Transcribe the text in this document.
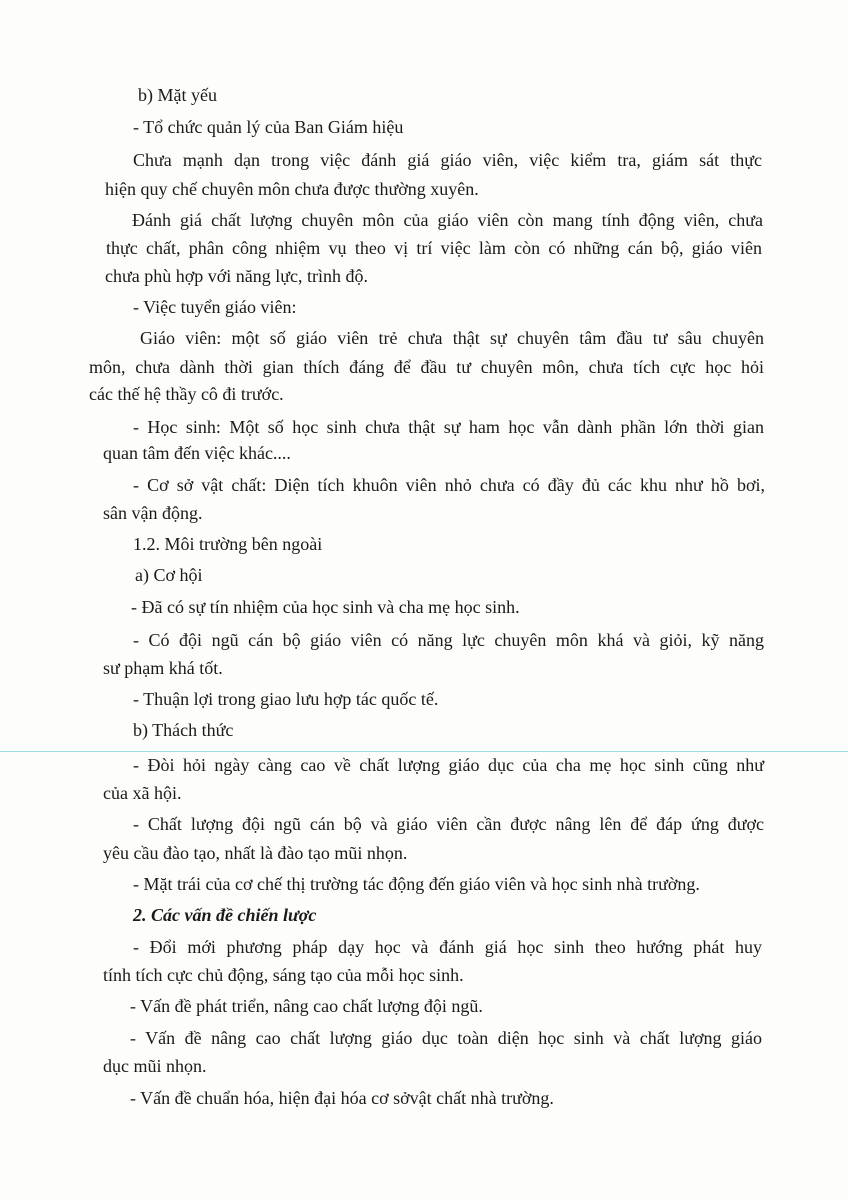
b) Mặt yếu
- Tổ chức quản lý của Ban Giám hiệu
Chưa mạnh dạn trong việc đánh giá giáo viên, việc kiểm tra, giám sát thực
hiện quy chế chuyên môn chưa được thường xuyên.
Đánh giá chất lượng chuyên môn của giáo viên còn mang tính động viên, chưa
thực chất, phân công nhiệm vụ theo vị trí việc làm còn có những cán bộ, giáo viên
chưa phù hợp với năng lực, trình độ.
- Việc tuyển giáo viên:
Giáo viên: một số giáo viên trẻ chưa thật sự chuyên tâm đầu tư sâu chuyên
môn, chưa dành thời gian thích đáng để đầu tư chuyên môn, chưa tích cực học hỏi
các thế hệ thầy cô đi trước.
- Học sinh: Một số học sinh chưa thật sự ham học vẫn dành phần lớn thời gian
quan tâm đến việc khác....
- Cơ sở vật chất: Diện tích khuôn viên nhỏ chưa có đầy đủ các khu như hồ bơi,
sân vận động.
1.2. Môi trường bên ngoài
a) Cơ hội
- Đã có sự tín nhiệm của học sinh và cha mẹ học sinh.
- Có đội ngũ cán bộ giáo viên có năng lực chuyên môn khá và giỏi, kỹ năng
sư phạm khá tốt.
- Thuận lợi trong giao lưu hợp tác quốc tế.
b) Thách thức
- Đòi hỏi ngày càng cao về chất lượng giáo dục của cha mẹ học sinh cũng như
của xã hội.
- Chất lượng đội ngũ cán bộ và giáo viên cần được nâng lên để đáp ứng được
yêu cầu đào tạo, nhất là đào tạo mũi nhọn.
- Mặt trái của cơ chế thị trường tác động đến giáo viên và học sinh nhà trường.
2. Các vấn đề chiến lược
- Đổi mới phương pháp dạy học và đánh giá học sinh theo hướng phát huy
tính tích cực chủ động, sáng tạo của mỗi học sinh.
- Vấn đề phát triển, nâng cao chất lượng đội ngũ.
- Vấn đề nâng cao chất lượng giáo dục toàn diện học sinh và chất lượng giáo
dục mũi nhọn.
- Vấn đề chuẩn hóa, hiện đại hóa cơ sởvật chất nhà trường.
